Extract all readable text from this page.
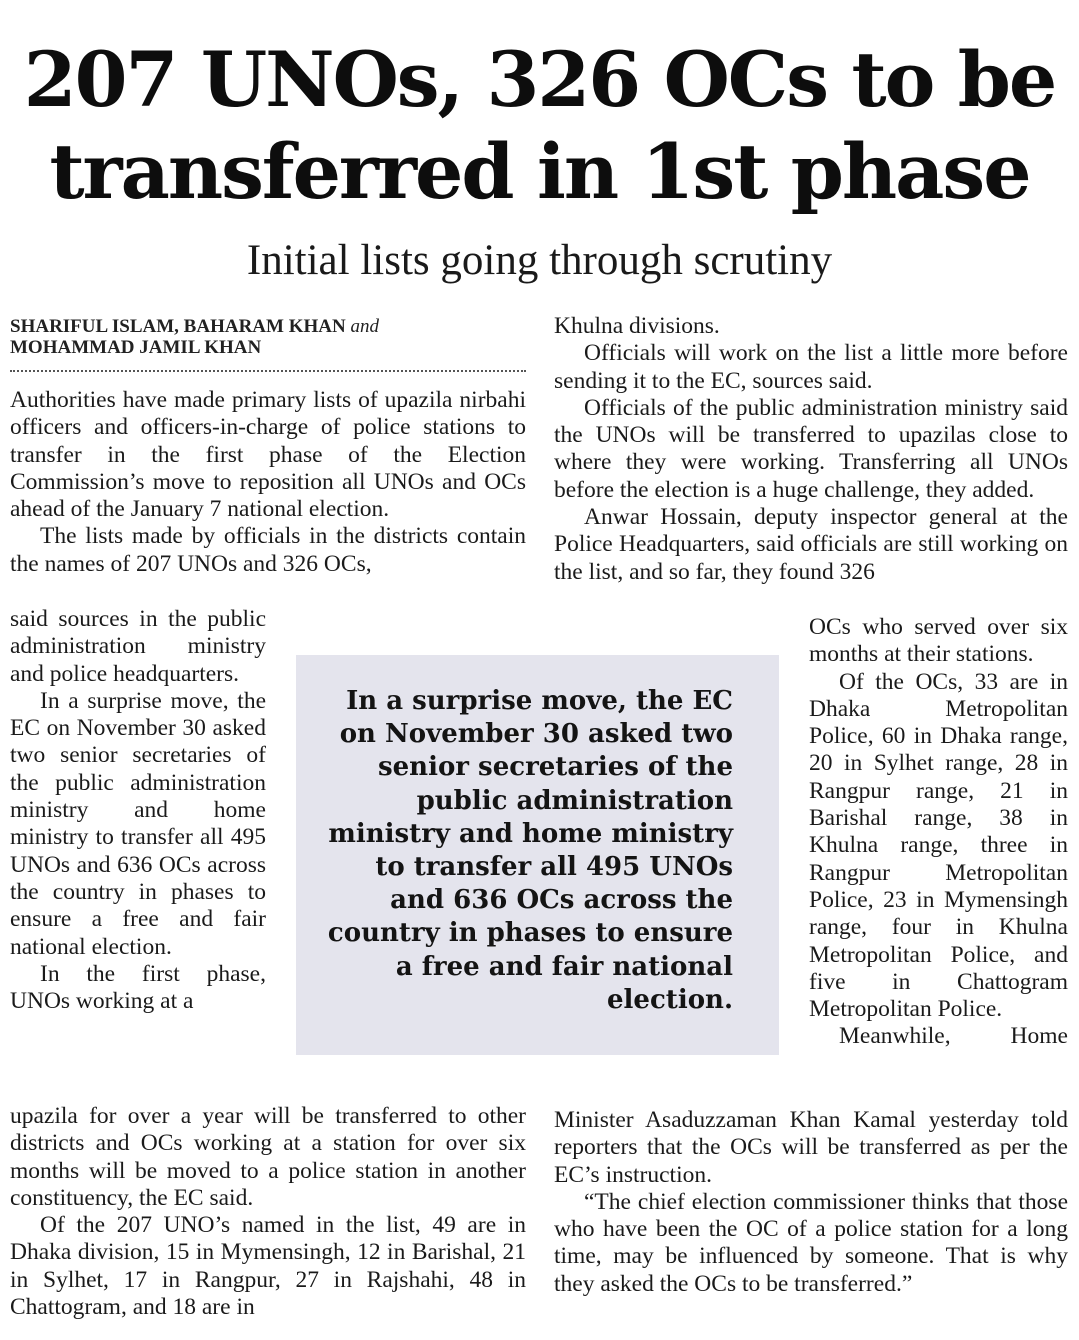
207 UNOs, 326 OCs to be
transferred in 1st phase
Initial lists going through scrutiny
SHARIFUL ISLAM, BAHARAM KHAN and
MOHAMMAD JAMIL KHAN

Authorities have made primary lists of upazila nirbahi officers and officers-in-charge of police stations to transfer in the first phase of the Election Commission’s move to reposition all UNOs and OCs ahead of the January 7 national election.

The lists made by officials in the districts contain the names of 207 UNOs and 326 OCs,

said sources in the public administration ministry and police headquarters.

In a surprise move, the EC on November 30 asked two senior secretaries of the public administration ministry and home ministry to transfer all 495 UNOs and 636 OCs across the country in phases to ensure a free and fair national election.

In the first phase, UNOs working at a

upazila for over a year will be transferred to other districts and OCs working at a station for over six months will be moved to a police station in another constituency, the EC said.

Of the 207 UNO’s named in the list, 49 are in Dhaka division, 15 in Mymensingh, 12 in Barishal, 21 in Sylhet, 17 in Rangpur, 27 in Rajshahi, 48 in Chattogram, and 18 are in

Khulna divisions.

Officials will work on the list a little more before sending it to the EC, sources said.

Officials of the public administration ministry said the UNOs will be transferred to upazilas close to where they were working. Transferring all UNOs before the election is a huge challenge, they added.

Anwar Hossain, deputy inspector general at the Police Headquarters, said officials are still working on the list, and so far, they found 326

OCs who served over six months at their stations.

Of the OCs, 33 are in Dhaka Metropolitan Police, 60 in Dhaka range, 20 in Sylhet range, 28 in Rangpur range, 21 in Barishal range, 38 in Khulna range, three in Rangpur Metropolitan Police, 23 in Mymensingh range, four in Khulna Metropolitan Police, and five in Chattogram Metropolitan Police.

Meanwhile, Home

Minister Asaduzzaman Khan Kamal yesterday told reporters that the OCs will be transferred as per the EC’s instruction.

“The chief election commissioner thinks that those who have been the OC of a police station for a long time, may be influenced by someone. That is why they asked the OCs to be transferred.”

In a surprise move, the EC on November 30 asked two senior secretaries of the public administration ministry and home ministry to transfer all 495 UNOs and 636 OCs across the country in phases to ensure a free and fair national election.
